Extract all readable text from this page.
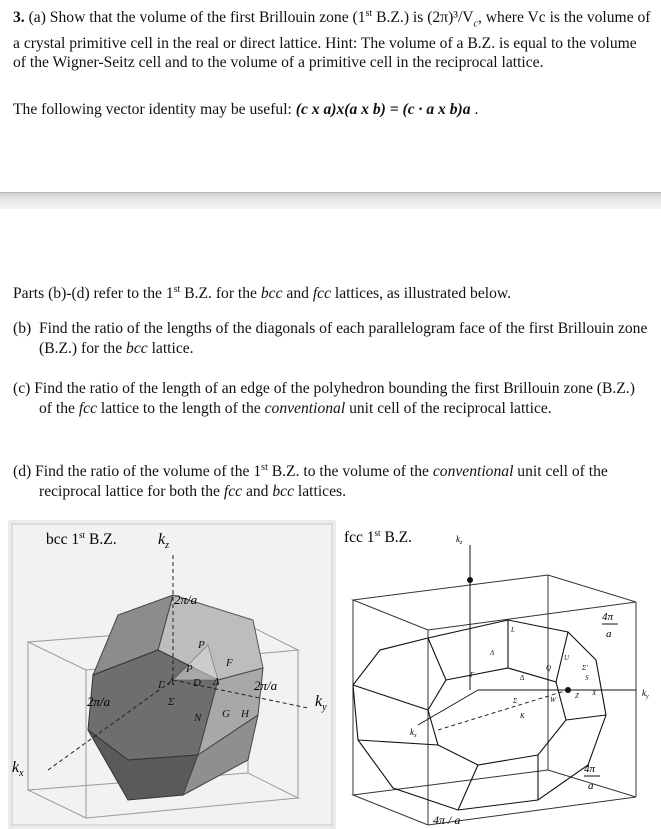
3. (a) Show that the volume of the first Brillouin zone (1st B.Z.) is $(2\pi)^3/V_c$, where Vc is the volume of a crystal primitive cell in the real or direct lattice. Hint: The volume of a B.Z. is equal to the volume of the Wigner-Seitz cell and to the volume of a primitive cell in the reciprocal lattice.
The following vector identity may be useful: (c x a)x(a x b) = (c · a x b)a .
Parts (b)-(d) refer to the 1st B.Z. for the bcc and fcc lattices, as illustrated below.
(b) Find the ratio of the lengths of the diagonals of each parallelogram face of the first Brillouin zone (B.Z.) for the bcc lattice.
(c) Find the ratio of the length of an edge of the polyhedron bounding the first Brillouin zone (B.Z.) of the fcc lattice to the length of the conventional unit cell of the reciprocal lattice.
(d) Find the ratio of the volume of the 1st B.Z. to the volume of the conventional unit cell of the reciprocal lattice for both the fcc and bcc lattices.
bcc 1st B.Z.	$k_z$
$k_x$
$k_y$
2π/a
2π/a
2π/a
Γ Λ
P
Δ
F
Σ
N G H
D
P
fcc 1st B.Z.	$k_z$
$k_y$
$k_x$
4π
a
4π
a
4π / a
L
Λ
Γ	Δ
Σ
K
X
W
Q
U
Σ'
Z
S
